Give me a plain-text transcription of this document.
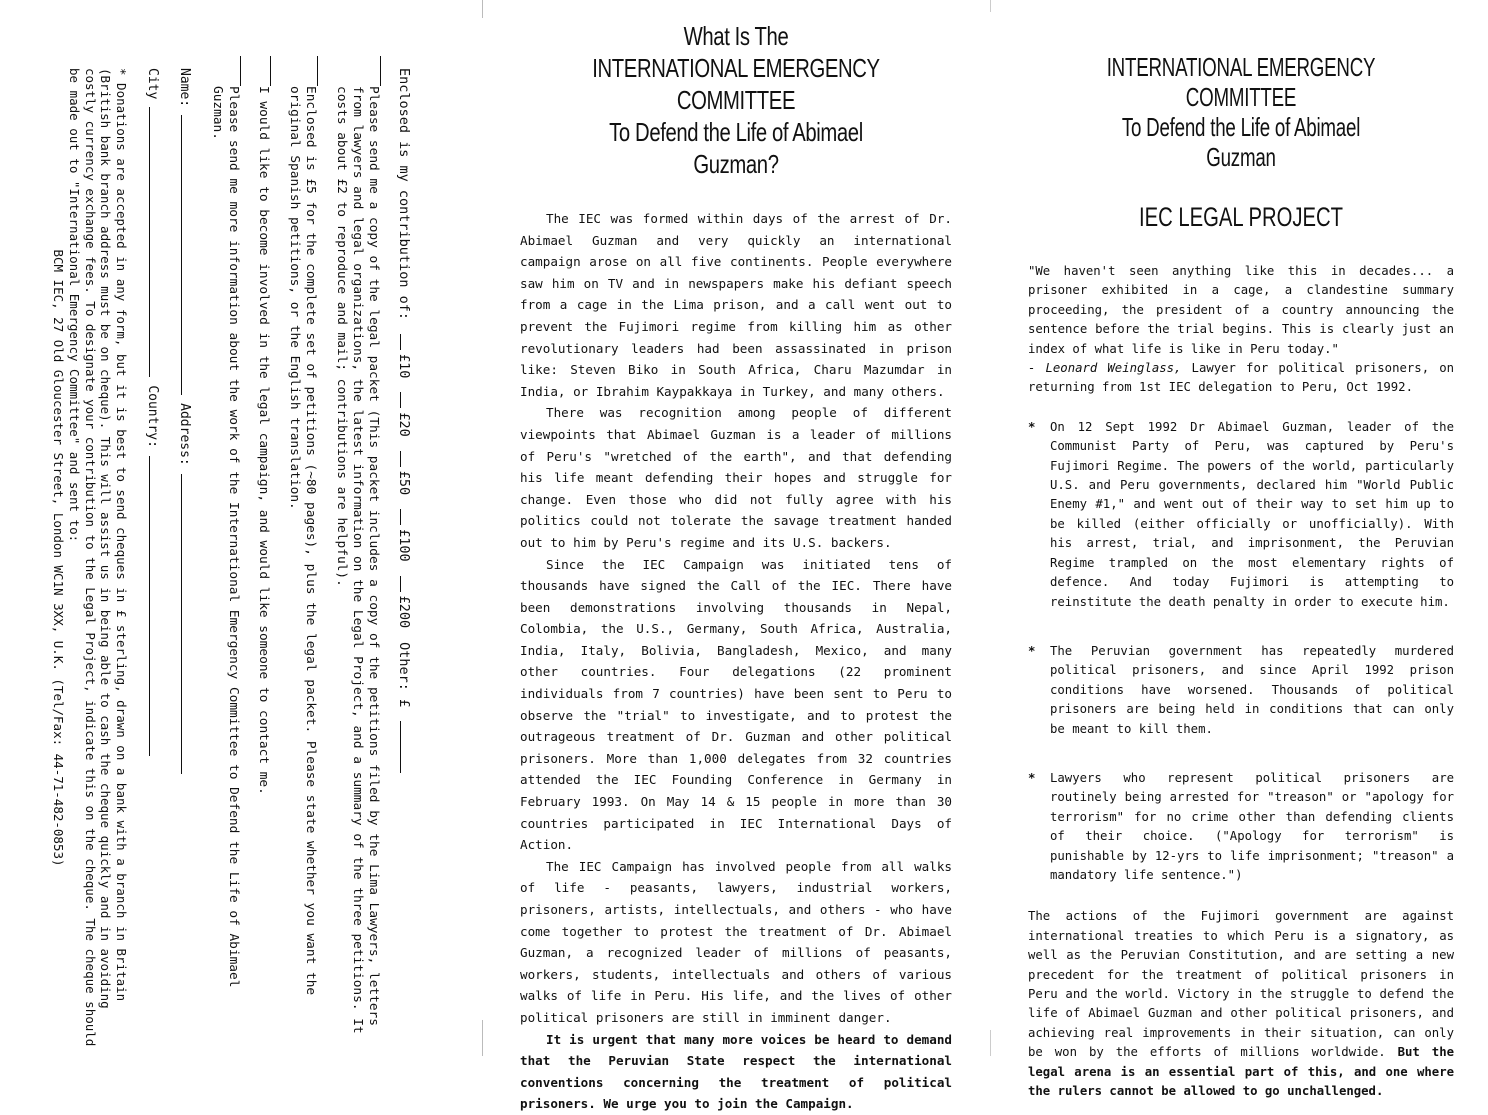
Enclosed is my contribution of:
£10
£20
£50
£100
£200
Other: £
Please send me a copy of the legal packet (This packet includes a copy of the petitions filed by the Lima Lawyers, letters from lawyers and legal organizations, the latest information on the Legal Project, and a summary of the three petitions. It costs about £2 to reproduce and mail; contributions are helpful).
Enclosed is £5 for the complete set of petitions (~80 pages), plus the legal packet. Please state whether you want the original Spanish petitions, or the English translation.
I would like to become involved in the legal campaign, and would like someone to contact me.
Please send me more information about the work of the International Emergency Committee to Defend the Life of Abimael Guzman.
Name:
Address:
City
Country:
* Donations are accepted in any form, but it is best to send cheques in £ sterling, drawn on a bank with a branch in Britain (British bank branch address must be on cheque). This will assist us in being able to cash the cheque quickly and in avoiding costly currency exchange fees. To designate your contribution to the Legal Project, indicate this on the cheque. The cheque should be made out to "International Emergency Committee" and sent to:
BCM IEC, 27 Old Gloucester Street, London WC1N 3XX, U.K. (Tel/Fax: 44-71-482-0853)
What Is The
INTERNATIONAL EMERGENCY COMMITTEE
To Defend the Life of Abimael Guzman?

The IEC was formed within days of the arrest of Dr. Abimael Guzman and very quickly an international campaign arose on all five continents. People everywhere saw him on TV and in newspapers make his defiant speech from a cage in the Lima prison, and a call went out to prevent the Fujimori regime from killing him as other revolutionary leaders had been assassinated in prison like: Steven Biko in South Africa, Charu Mazumdar in India, or Ibrahim Kaypakkaya in Turkey, and many others.

There was recognition among people of different viewpoints that Abimael Guzman is a leader of millions of Peru's "wretched of the earth", and that defending his life meant defending their hopes and struggle for change. Even those who did not fully agree with his politics could not tolerate the savage treatment handed out to him by Peru's regime and its U.S. backers.

Since the IEC Campaign was initiated tens of thousands have signed the Call of the IEC. There have been demonstrations involving thousands in Nepal, Colombia, the U.S., Germany, South Africa, Australia, India, Italy, Bolivia, Bangladesh, Mexico, and many other countries. Four delegations (22 prominent individuals from 7 countries) have been sent to Peru to observe the "trial" to investigate, and to protest the outrageous treatment of Dr. Guzman and other political prisoners. More than 1,000 delegates from 32 countries attended the IEC Founding Conference in Germany in February 1993. On May 14 & 15 people in more than 30 countries participated in IEC International Days of Action.

The IEC Campaign has involved people from all walks of life - peasants, lawyers, industrial workers, prisoners, artists, intellectuals, and others - who have come together to protest the treatment of Dr. Abimael Guzman, a recognized leader of millions of peasants, workers, students, intellectuals and others of various walks of life in Peru. His life, and the lives of other political prisoners are still in imminent danger.

It is urgent that many more voices be heard to demand that the Peruvian State respect the international conventions concerning the treatment of political prisoners. We urge you to join the Campaign.

INTERNATIONAL EMERGENCY COMMITTEE
To Defend the Life of Abimael Guzman
IEC LEGAL PROJECT
"We haven't seen anything like this in decades... a prisoner exhibited in a cage, a clandestine summary proceeding, the president of a country announcing the sentence before the trial begins. This is clearly just an index of what life is like in Peru today."
- Leonard Weinglass, Lawyer for political prisoners, on returning from 1st IEC delegation to Peru, Oct 1992.
*	On 12 Sept 1992 Dr Abimael Guzman, leader of the Communist Party of Peru, was captured by Peru's Fujimori Regime. The powers of the world, particularly U.S. and Peru governments, declared him "World Public Enemy #1," and went out of their way to set him up to be killed (either officially or unofficially). With his arrest, trial, and imprisonment, the Peruvian Regime trampled on the most elementary rights of defence. And today Fujimori is attempting to reinstitute the death penalty in order to execute him.
*	The Peruvian government has repeatedly murdered political prisoners, and since April 1992 prison conditions have worsened. Thousands of political prisoners are being held in conditions that can only be meant to kill them.
*	Lawyers who represent political prisoners are routinely being arrested for "treason" or "apology for terrorism" for no crime other than defending clients of their choice. ("Apology for terrorism" is punishable by 12-yrs to life imprisonment; "treason" a mandatory life sentence.")
The actions of the Fujimori government are against international treaties to which Peru is a signatory, as well as the Peruvian Constitution, and are setting a new precedent for the treatment of political prisoners in Peru and the world. Victory in the struggle to defend the life of Abimael Guzman and other political prisoners, and achieving real improvements in their situation, can only be won by the efforts of millions worldwide. But the legal arena is an essential part of this, and one where the rulers cannot be allowed to go unchallenged.
